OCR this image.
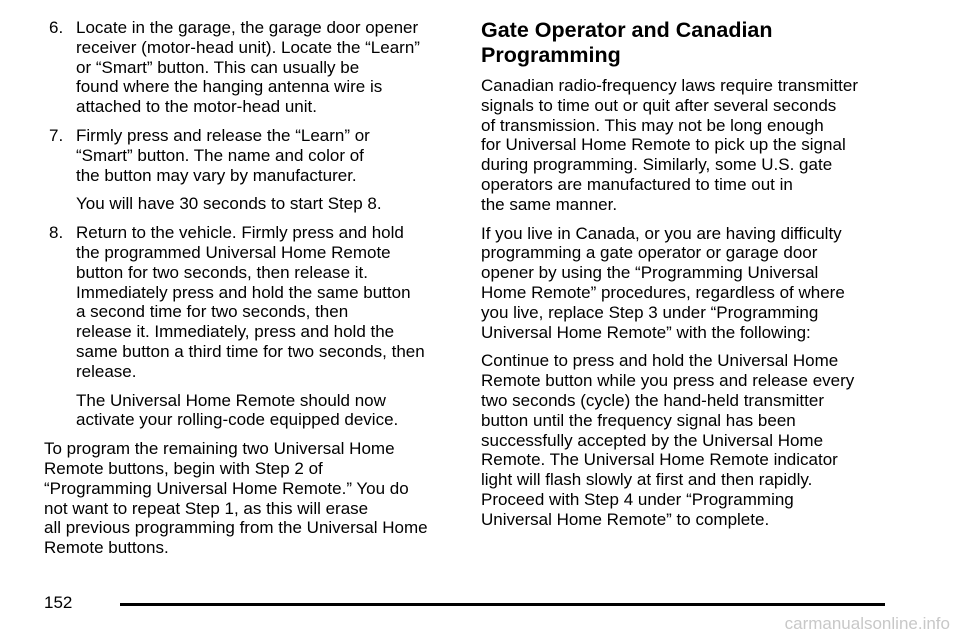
6. Locate in the garage, the garage door opener
receiver (motor-head unit). Locate the “Learn”
or “Smart” button. This can usually be
found where the hanging antenna wire is
attached to the motor-head unit.
7. Firmly press and release the “Learn” or
“Smart” button. The name and color of
the button may vary by manufacturer.
You will have 30 seconds to start Step 8.
8. Return to the vehicle. Firmly press and hold
the programmed Universal Home Remote
button for two seconds, then release it.
Immediately press and hold the same button
a second time for two seconds, then
release it. Immediately, press and hold the
same button a third time for two seconds, then
release.
The Universal Home Remote should now
activate your rolling-code equipped device.
To program the remaining two Universal Home
Remote buttons, begin with Step 2 of
“Programming Universal Home Remote.” You do
not want to repeat Step 1, as this will erase
all previous programming from the Universal Home
Remote buttons.
Gate Operator and Canadian
Programming
Canadian radio-frequency laws require transmitter
signals to time out or quit after several seconds
of transmission. This may not be long enough
for Universal Home Remote to pick up the signal
during programming. Similarly, some U.S. gate
operators are manufactured to time out in
the same manner.
If you live in Canada, or you are having difficulty
programming a gate operator or garage door
opener by using the “Programming Universal
Home Remote” procedures, regardless of where
you live, replace Step 3 under “Programming
Universal Home Remote” with the following:
Continue to press and hold the Universal Home
Remote button while you press and release every
two seconds (cycle) the hand-held transmitter
button until the frequency signal has been
successfully accepted by the Universal Home
Remote. The Universal Home Remote indicator
light will flash slowly at first and then rapidly.
Proceed with Step 4 under “Programming
Universal Home Remote” to complete.
152
carmanualsonline.info
